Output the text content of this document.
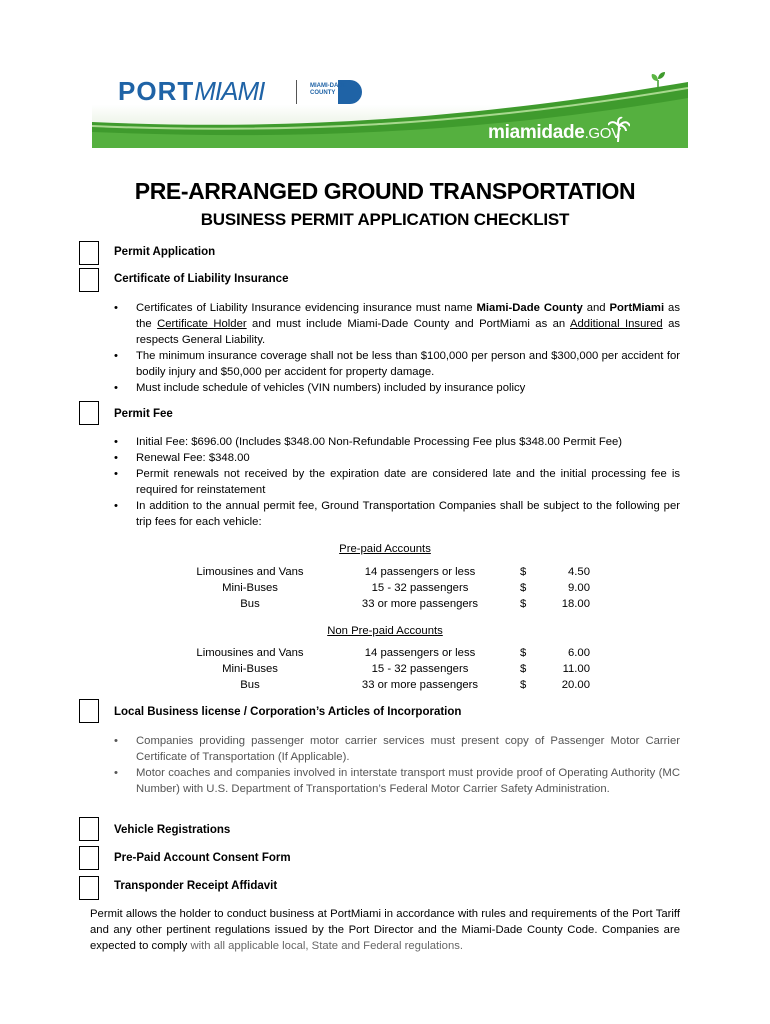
PORTMIAMI	MIAMI-DADE COUNTY
miamidade.GOV
PRE-ARRANGED GROUND TRANSPORTATION
BUSINESS PERMIT APPLICATION CHECKLIST
Permit Application
Certificate of Liability Insurance
• Certificates of Liability Insurance evidencing insurance must name Miami-Dade County and PortMiami as the Certificate Holder and must include Miami-Dade County and PortMiami as an Additional Insured as respects General Liability.
• The minimum insurance coverage shall not be less than $100,000 per person and $300,000 per accident for bodily injury and $50,000 per accident for property damage.
• Must include schedule of vehicles (VIN numbers) included by insurance policy
Permit Fee
• Initial Fee: $696.00 (Includes $348.00 Non-Refundable Processing Fee plus $348.00 Permit Fee)
• Renewal Fee: $348.00
• Permit renewals not received by the expiration date are considered late and the initial processing fee is required for reinstatement
• In addition to the annual permit fee, Ground Transportation Companies shall be subject to the following per trip fees for each vehicle:
Pre-paid Accounts
Limousines and Vans	14 passengers or less	$	4.50
Mini-Buses	15 - 32 passengers	$	9.00
Bus	33 or more passengers	$	18.00
Non Pre-paid Accounts
Limousines and Vans	14 passengers or less	$	6.00
Mini-Buses	15 - 32 passengers	$	11.00
Bus	33 or more passengers	$	20.00
Local Business license / Corporation’s Articles of Incorporation
• Companies providing passenger motor carrier services must present copy of Passenger Motor Carrier Certificate of Transportation (If Applicable).
• Motor coaches and companies involved in interstate transport must provide proof of Operating Authority (MC Number) with U.S. Department of Transportation’s Federal Motor Carrier Safety Administration.
Vehicle Registrations
Pre-Paid Account Consent Form
Transponder Receipt Affidavit

Permit allows the holder to conduct business at PortMiami in accordance with rules and requirements of the Port Tariff and any other pertinent regulations issued by the Port Director and the Miami-Dade County Code. Companies are expected to comply with all applicable local, State and Federal regulations.
